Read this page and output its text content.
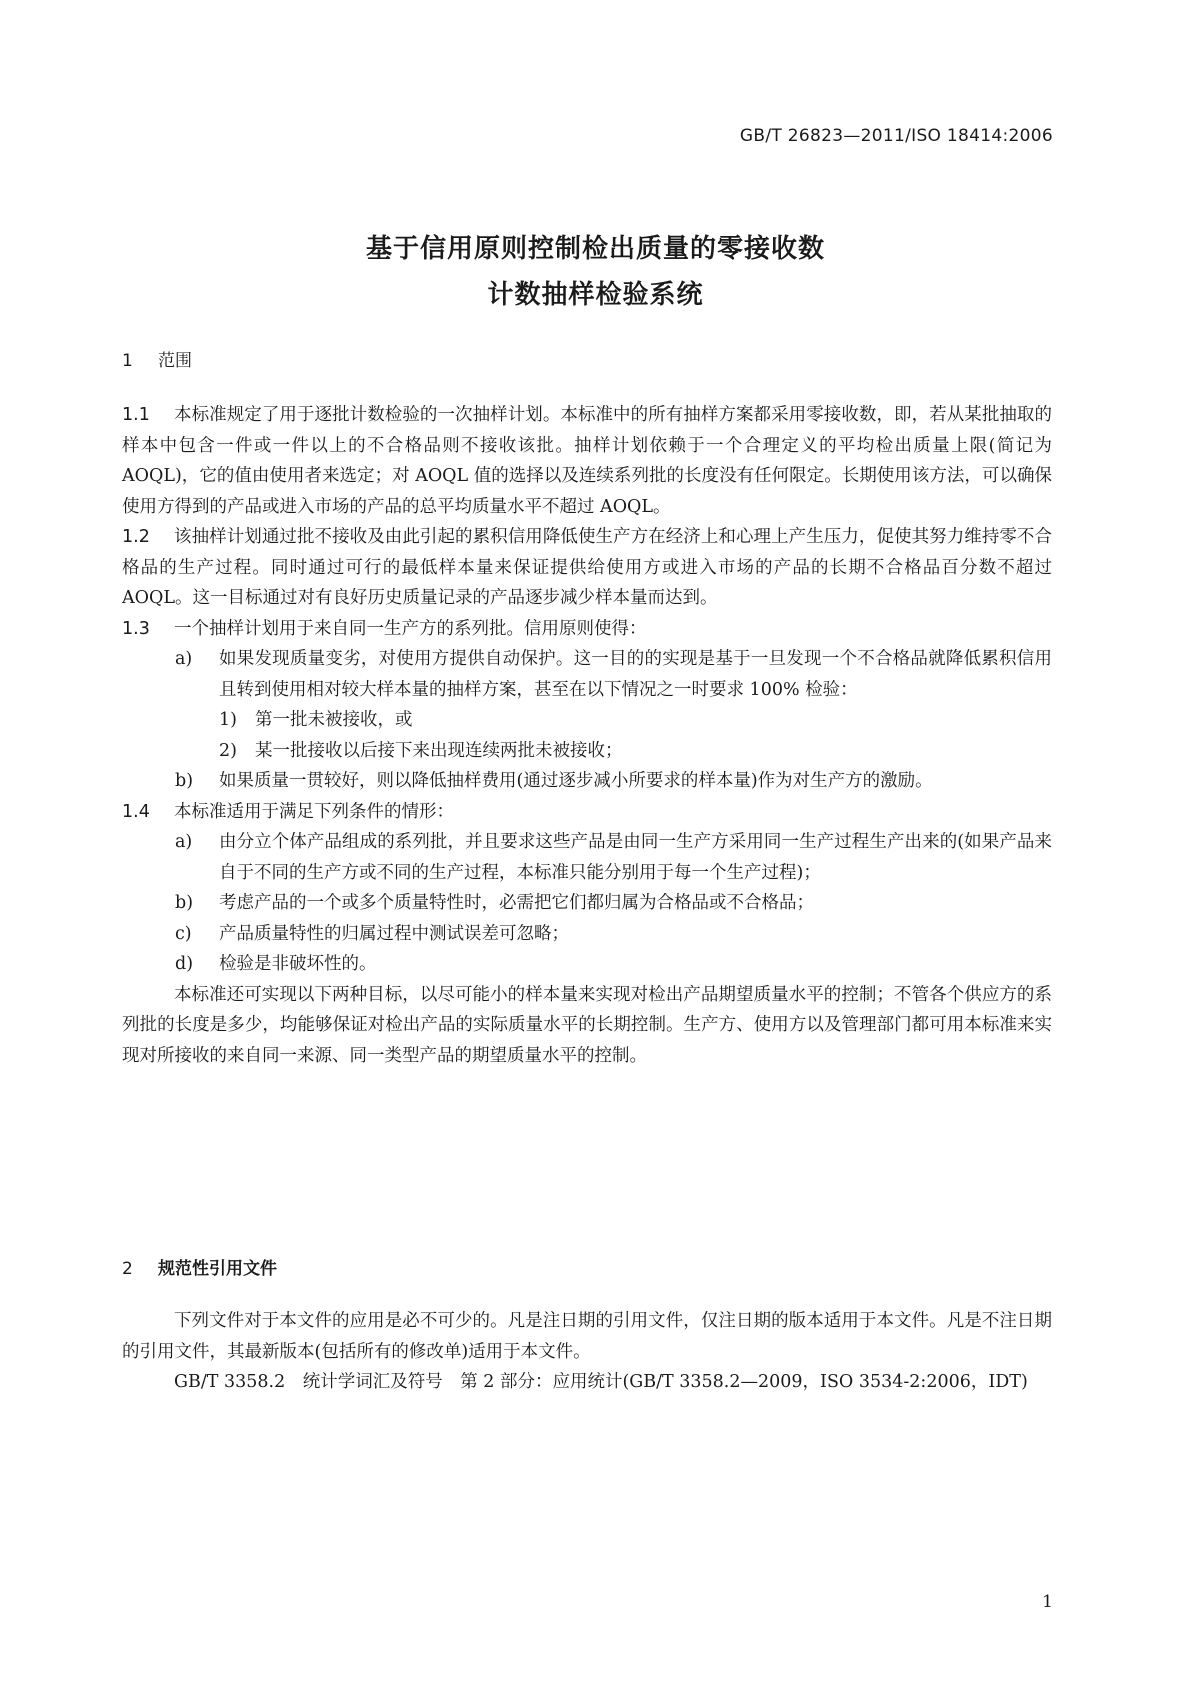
GB/T 26823—2011/ISO 18414:2006
基于信用原则控制检出质量的零接收数
计数抽样检验系统
1 范围

1.1 本标准规定了用于逐批计数检验的一次抽样计划。本标准中的所有抽样方案都采用零接收数，即，若从某批抽取的样本中包含一件或一件以上的不合格品则不接收该批。抽样计划依赖于一个合理定义的平均检出质量上限(简记为 AOQL)，它的值由使用者来选定；对 AOQL 值的选择以及连续系列批的长度没有任何限定。长期使用该方法，可以确保使用方得到的产品或进入市场的产品的总平均质量水平不超过 AOQL。

1.2 该抽样计划通过批不接收及由此引起的累积信用降低使生产方在经济上和心理上产生压力，促使其努力维持零不合格品的生产过程。同时通过可行的最低样本量来保证提供给使用方或进入市场的产品的长期不合格品百分数不超过 AOQL。这一目标通过对有良好历史质量记录的产品逐步减少样本量而达到。

1.3 一个抽样计划用于来自同一生产方的系列批。信用原则使得：

a) 如果发现质量变劣，对使用方提供自动保护。这一目的的实现是基于一旦发现一个不合格品就降低累积信用且转到使用相对较大样本量的抽样方案，甚至在以下情况之一时要求 100% 检验：
1) 第一批未被接收，或
2) 某一批接收以后接下来出现连续两批未被接收；
b) 如果质量一贯较好，则以降低抽样费用(通过逐步减小所要求的样本量)作为对生产方的激励。

1.4 本标准适用于满足下列条件的情形：

a) 由分立个体产品组成的系列批，并且要求这些产品是由同一生产方采用同一生产过程生产出来的(如果产品来自于不同的生产方或不同的生产过程，本标准只能分别用于每一个生产过程)；
b) 考虑产品的一个或多个质量特性时，必需把它们都归属为合格品或不合格品；
c) 产品质量特性的归属过程中测试误差可忽略；
d) 检验是非破坏性的。

本标准还可实现以下两种目标，以尽可能小的样本量来实现对检出产品期望质量水平的控制；不管各个供应方的系列批的长度是多少，均能够保证对检出产品的实际质量水平的长期控制。生产方、使用方以及管理部门都可用本标准来实现对所接收的来自同一来源、同一类型产品的期望质量水平的控制。

2 规范性引用文件

下列文件对于本文件的应用是必不可少的。凡是注日期的引用文件，仅注日期的版本适用于本文件。凡是不注日期的引用文件，其最新版本(包括所有的修改单)适用于本文件。

GB/T 3358.2　统计学词汇及符号　第 2 部分：应用统计(GB/T 3358.2—2009，ISO 3534-2:2006，IDT)

1
